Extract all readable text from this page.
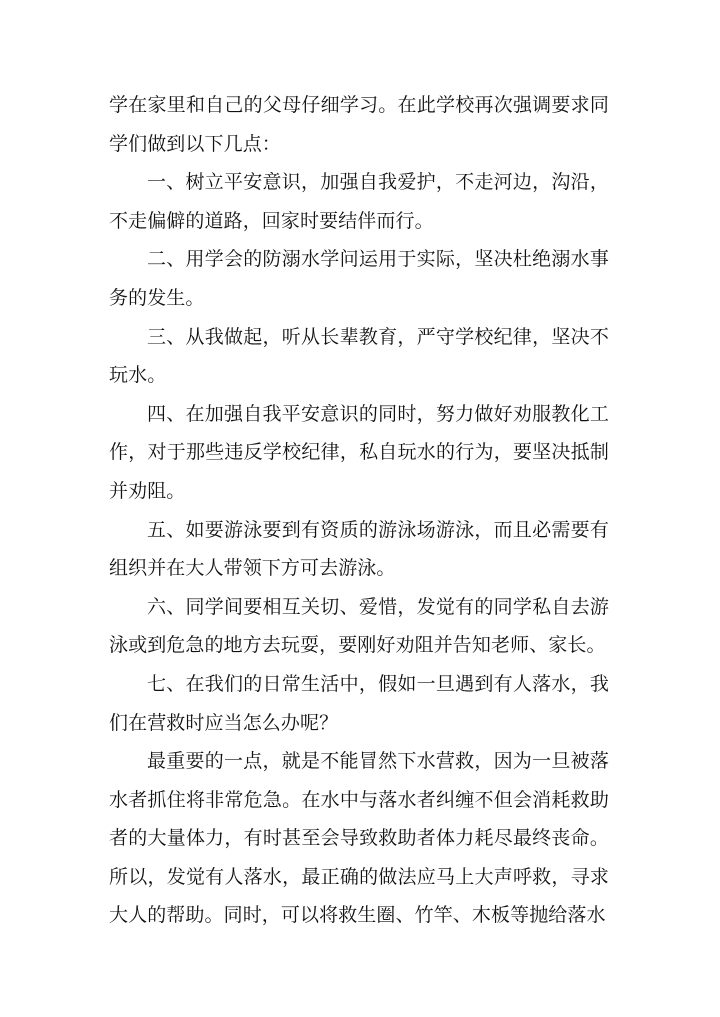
学在家里和自己的父母仔细学习。在此学校再次强调要求同学们做到以下几点：

一、树立平安意识，加强自我爱护，不走河边，沟沿，不走偏僻的道路，回家时要结伴而行。

二、用学会的防溺水学问运用于实际，坚决杜绝溺水事务的发生。

三、从我做起，听从长辈教育，严守学校纪律，坚决不玩水。

四、在加强自我平安意识的同时，努力做好劝服教化工作，对于那些违反学校纪律，私自玩水的行为，要坚决抵制并劝阻。

五、如要游泳要到有资质的游泳场游泳，而且必需要有组织并在大人带领下方可去游泳。

六、同学间要相互关切、爱惜，发觉有的同学私自去游泳或到危急的地方去玩耍，要刚好劝阻并告知老师、家长。

七、在我们的日常生活中，假如一旦遇到有人落水，我们在营救时应当怎么办呢？

最重要的一点，就是不能冒然下水营救，因为一旦被落水者抓住将非常危急。在水中与落水者纠缠不但会消耗救助者的大量体力，有时甚至会导致救助者体力耗尽最终丧命。所以，发觉有人落水，最正确的做法应马上大声呼救，寻求大人的帮助。同时，可以将救生圈、竹竿、木板等抛给落水
